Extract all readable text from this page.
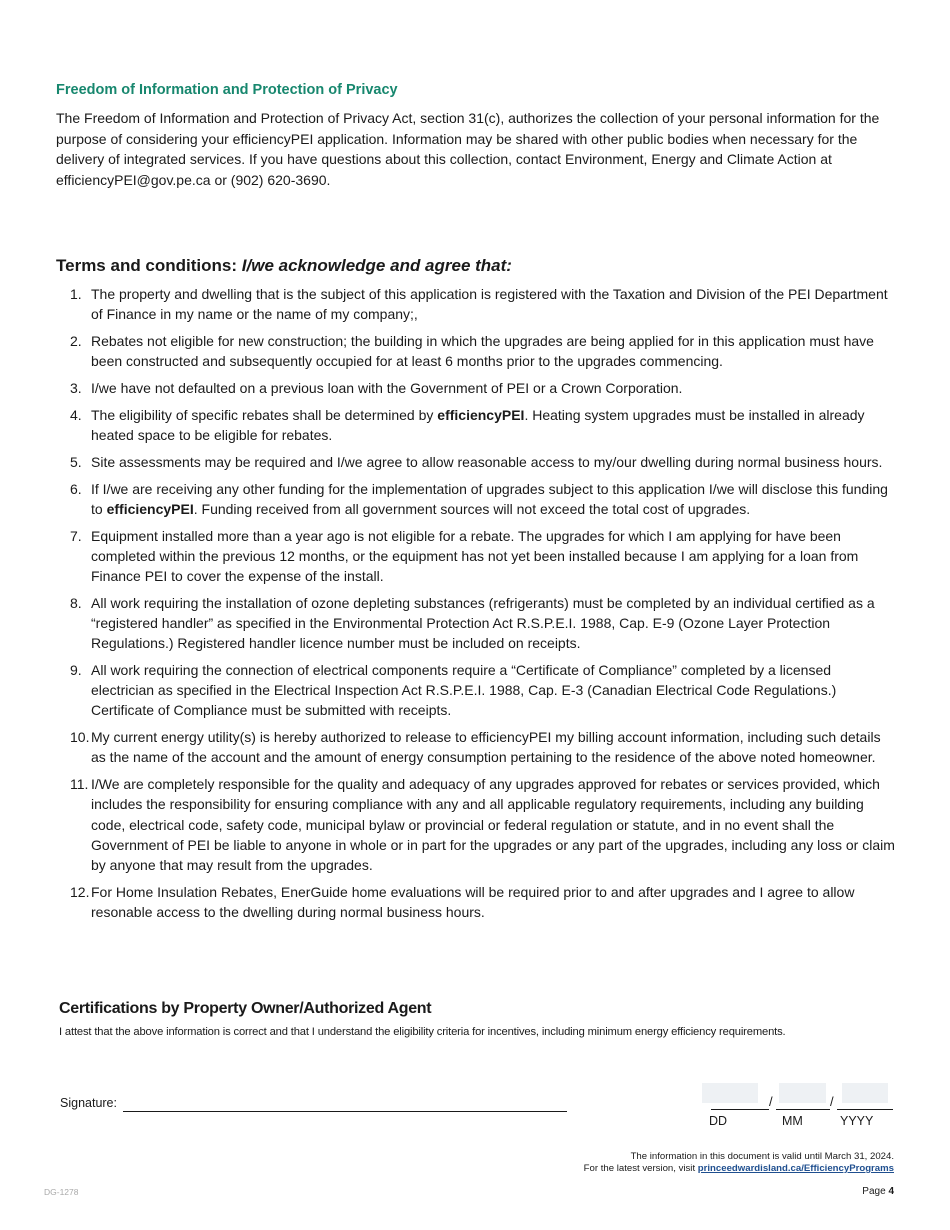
Freedom of Information and Protection of Privacy

The Freedom of Information and Protection of Privacy Act, section 31(c), authorizes the collection of your personal information for the purpose of considering your efficiencyPEI application. Information may be shared with other public bodies when necessary for the delivery of integrated services. If you have questions about this collection, contact Environment, Energy and Climate Action at efficiencyPEI@gov.pe.ca or (902) 620-3690.

Terms and conditions: I/we acknowledge and agree that:
1. The property and dwelling that is the subject of this application is registered with the Taxation and Division of the PEI Department of Finance in my name or the name of my company;,
2. Rebates not eligible for new construction; the building in which the upgrades are being applied for in this application must have been constructed and subsequently occupied for at least 6 months prior to the upgrades commencing.
3. I/we have not defaulted on a previous loan with the Government of PEI or a Crown Corporation.
4. The eligibility of specific rebates shall be determined by efficiencyPEI. Heating system upgrades must be installed in already heated space to be eligible for rebates.
5. Site assessments may be required and I/we agree to allow reasonable access to my/our dwelling during normal business hours.
6. If I/we are receiving any other funding for the implementation of upgrades subject to this application I/we will disclose this funding to efficiencyPEI. Funding received from all government sources will not exceed the total cost of upgrades.
7. Equipment installed more than a year ago is not eligible for a rebate. The upgrades for which I am applying for have been completed within the previous 12 months, or the equipment has not yet been installed because I am applying for a loan from Finance PEI to cover the expense of the install.
8. All work requiring the installation of ozone depleting substances (refrigerants) must be completed by an individual certified as a “registered handler” as specified in the Environmental Protection Act R.S.P.E.I. 1988, Cap. E-9 (Ozone Layer Protection Regulations.) Registered handler licence number must be included on receipts.
9. All work requiring the connection of electrical components require a “Certificate of Compliance” completed by a licensed electrician as specified in the Electrical Inspection Act R.S.P.E.I. 1988, Cap. E-3 (Canadian Electrical Code Regulations.) Certificate of Compliance must be submitted with receipts.
10. My current energy utility(s) is hereby authorized to release to efficiencyPEI my billing account information, including such details as the name of the account and the amount of energy consumption pertaining to the residence of the above noted homeowner.
11. I/We are completely responsible for the quality and adequacy of any upgrades approved for rebates or services provided, which includes the responsibility for ensuring compliance with any and all applicable regulatory requirements, including any building code, electrical code, safety code, municipal bylaw or provincial or federal regulation or statute, and in no event shall the Government of PEI be liable to anyone in whole or in part for the upgrades or any part of the upgrades, including any loss or claim by anyone that may result from the upgrades.
12. For Home Insulation Rebates, EnerGuide home evaluations will be required prior to and after upgrades and I agree to allow resonable access to the dwelling during normal business hours.
Certifications by Property Owner/Authorized Agent
I attest that the above information is correct and that I understand the eligibility criteria for incentives, including minimum energy efficiency requirements.
Signature:	/	/
DD	MM	YYYY
The information in this document is valid until March 31, 2024.
For the latest version, visit princeedwardisland.ca/EfficiencyPrograms
DG-1278	Page 4
